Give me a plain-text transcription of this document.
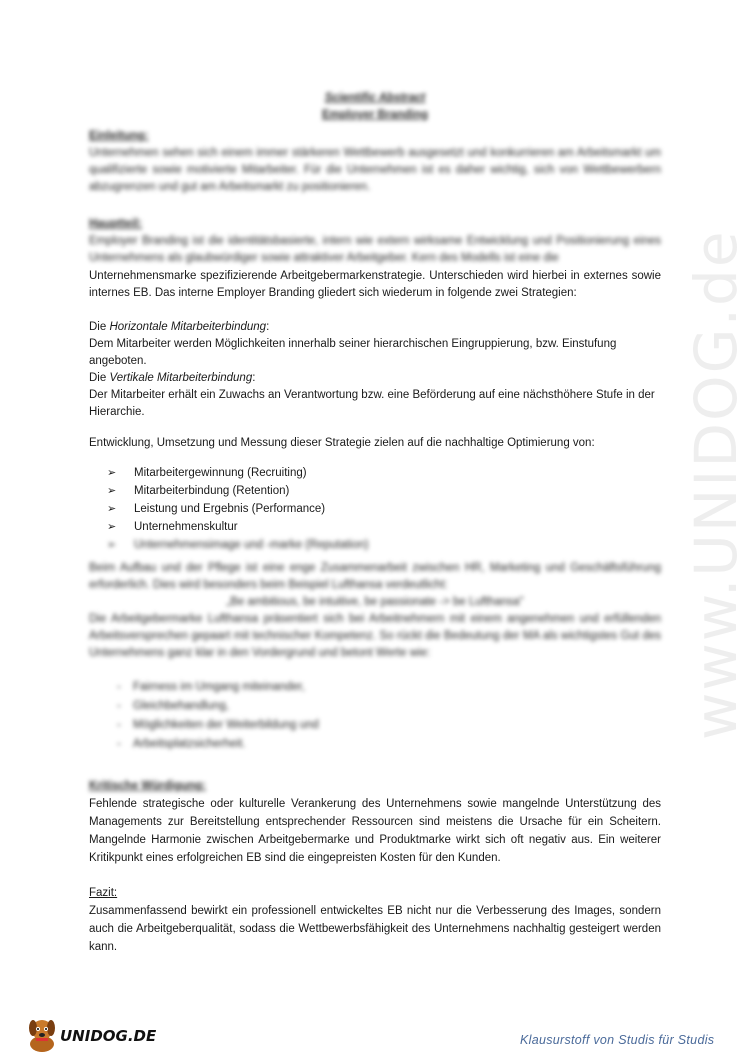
Scientific Abstract

Employer Branding

Einleitung:

Unternehmen sehen sich einem immer stärkeren Wettbewerb ausgesetzt und konkurrieren am Arbeitsmarkt um qualifizierte sowie motivierte Mitarbeiter. Für die Unternehmen ist es daher wichtig, sich von Wettbewerbern abzugrenzen und gut am Arbeitsmarkt zu positionieren.

Hauptteil:

Employer Branding ist die identitätsbasierte, intern wie extern wirksame Entwicklung und Positionierung eines Unternehmens als glaubwürdiger sowie attraktiver Arbeitgeber. Kern des Modells ist eine die

Unternehmensmarke spezifizierende Arbeitgebermarkenstrategie. Unterschieden wird hierbei in externes sowie internes EB. Das interne Employer Branding gliedert sich wiederum in folgende zwei Strategien:

Die Horizontale Mitarbeiterbindung:

Dem Mitarbeiter werden Möglichkeiten innerhalb seiner hierarchischen Eingruppierung, bzw. Einstufung angeboten.

Die Vertikale Mitarbeiterbindung:

Der Mitarbeiter erhält ein Zuwachs an Verantwortung bzw. eine Beförderung auf eine nächsthöhere Stufe in der Hierarchie.

Entwicklung, Umsetzung und Messung dieser Strategie zielen auf die nachhaltige Optimierung von:

➢ Mitarbeitergewinnung (Recruiting)
➢ Mitarbeiterbindung (Retention)
➢ Leistung und Ergebnis (Performance)
➢ Unternehmenskultur
➢ Unternehmensimage und -marke (Reputation)

Beim Aufbau und der Pflege ist eine enge Zusammenarbeit zwischen HR, Marketing und Geschäftsführung erforderlich. Dies wird besonders beim Beispiel Lufthansa verdeutlicht:

„Be ambitious, be intuitive, be passionate -> be Lufthansa"

Die Arbeitgebermarke Lufthansa präsentiert sich bei Arbeitnehmern mit einem angenehmen und erfüllenden Arbeitsversprechen gepaart mit technischer Kompetenz. So rückt die Bedeutung der MA als wichtigstes Gut des Unternehmens ganz klar in den Vordergrund und betont Werte wie:

- Fairness im Umgang miteinander,
- Gleichbehandlung,
- Möglichkeiten der Weiterbildung und
- Arbeitsplatzsicherheit.

Kritische Würdigung:

Fehlende strategische oder kulturelle Verankerung des Unternehmens sowie mangelnde Unterstützung des Managements zur Bereitstellung entsprechender Ressourcen sind meistens die Ursache für ein Scheitern. Mangelnde Harmonie zwischen Arbeitgebermarke und Produktmarke wirkt sich oft negativ aus. Ein weiterer Kritikpunkt eines erfolgreichen EB sind die eingepreisten Kosten für den Kunden.

Fazit:

Zusammenfassend bewirkt ein professionell entwickeltes EB nicht nur die Verbesserung des Images, sondern auch die Arbeitgeberqualität, sodass die Wettbewerbsfähigkeit des Unternehmens nachhaltig gesteigert werden kann.

www.UNIDOG.de
UNIDOG.DE	Klausurstoff von Studis für Studis
